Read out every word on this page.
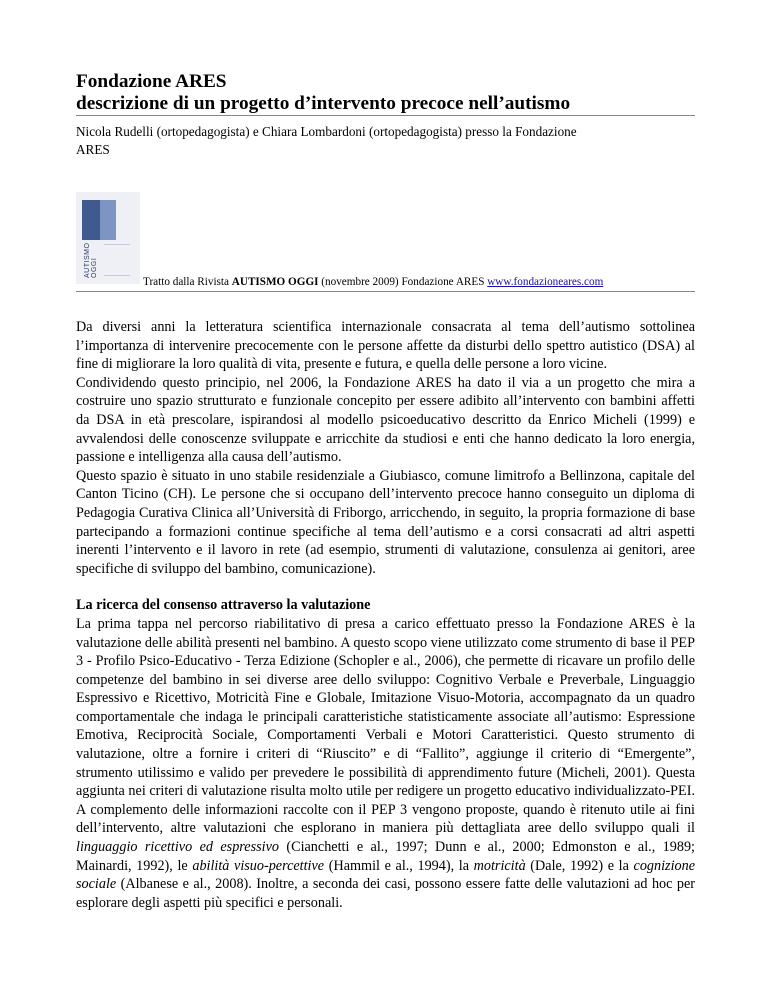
Fondazione ARES
descrizione di un progetto d’intervento precoce nell’autismo
Nicola Rudelli (ortopedagogista) e Chiara Lombardoni (ortopedagogista) presso la Fondazione
ARES
AUTISMO OGGI
Tratto dalla Rivista AUTISMO OGGI (novembre 2009) Fondazione ARES www.fondazioneares.com

Da diversi anni la letteratura scientifica internazionale consacrata al tema dell’autismo sottolinea l’importanza di intervenire precocemente con le persone affette da disturbi dello spettro autistico (DSA) al fine di migliorare la loro qualità di vita, presente e futura, e quella delle persone a loro vicine.

Condividendo questo principio, nel 2006, la Fondazione ARES ha dato il via a un progetto che mira a costruire uno spazio strutturato e funzionale concepito per essere adibito all’intervento con bambini affetti da DSA in età prescolare, ispirandosi al modello psicoeducativo descritto da Enrico Micheli (1999) e avvalendosi delle conoscenze sviluppate e arricchite da studiosi e enti che hanno dedicato la loro energia, passione e intelligenza alla causa dell’autismo.

Questo spazio è situato in uno stabile residenziale a Giubiasco, comune limitrofo a Bellinzona, capitale del Canton Ticino (CH). Le persone che si occupano dell’intervento precoce hanno conseguito un diploma di Pedagogia Curativa Clinica all’Università di Friborgo, arricchendo, in seguito, la propria formazione di base partecipando a formazioni continue specifiche al tema dell’autismo e a corsi consacrati ad altri aspetti inerenti l’intervento e il lavoro in rete (ad esempio, strumenti di valutazione, consulenza ai genitori, aree specifiche di sviluppo del bambino, comunicazione).

La ricerca del consenso attraverso la valutazione

La prima tappa nel percorso riabilitativo di presa a carico effettuato presso la Fondazione ARES è la valutazione delle abilità presenti nel bambino. A questo scopo viene utilizzato come strumento di base il PEP 3 - Profilo Psico-Educativo - Terza Edizione (Schopler e al., 2006), che permette di ricavare un profilo delle competenze del bambino in sei diverse aree dello sviluppo: Cognitivo Verbale e Preverbale, Linguaggio Espressivo e Ricettivo, Motricità Fine e Globale, Imitazione Visuo-Motoria, accompagnato da un quadro comportamentale che indaga le principali caratteristiche statisticamente associate all’autismo: Espressione Emotiva, Reciprocità Sociale, Comportamenti Verbali e Motori Caratteristici. Questo strumento di valutazione, oltre a fornire i criteri di “Riuscito” e di “Fallito”, aggiunge il criterio di “Emergente”, strumento utilissimo e valido per prevedere le possibilità di apprendimento future (Micheli, 2001). Questa aggiunta nei criteri di valutazione risulta molto utile per redigere un progetto educativo individualizzato-PEI. A complemento delle informazioni raccolte con il PEP 3 vengono proposte, quando è ritenuto utile ai fini dell’intervento, altre valutazioni che esplorano in maniera più dettagliata aree dello sviluppo quali il linguaggio ricettivo ed espressivo (Cianchetti e al., 1997; Dunn e al., 2000; Edmonston e al., 1989; Mainardi, 1992), le abilità visuo-percettive (Hammil e al., 1994), la motricità (Dale, 1992) e la cognizione sociale (Albanese e al., 2008). Inoltre, a seconda dei casi, possono essere fatte delle valutazioni ad hoc per esplorare degli aspetti più specifici e personali.
